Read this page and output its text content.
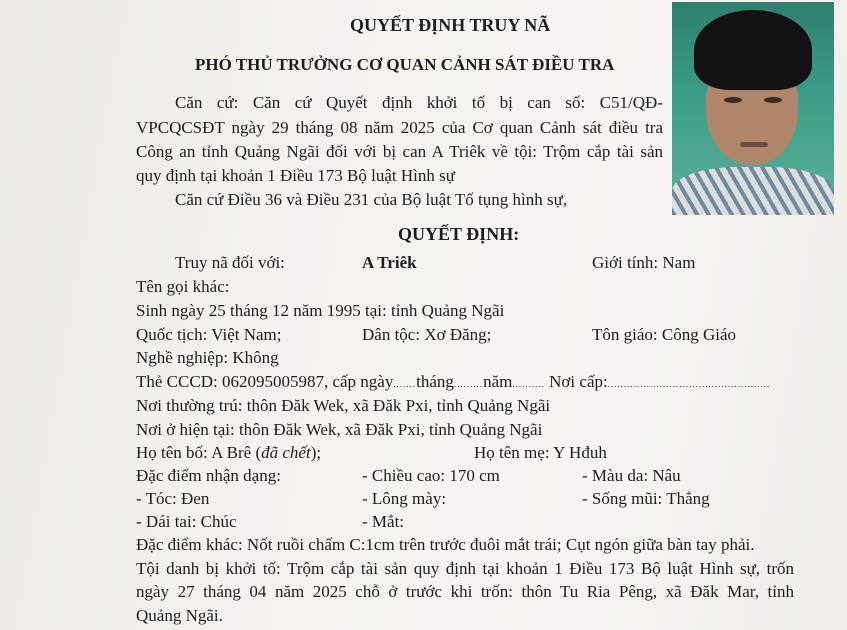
QUYẾT ĐỊNH TRUY NÃ
PHÓ THỦ TRƯỞNG CƠ QUAN CẢNH SÁT ĐIỀU TRA
Căn cứ: Căn cứ Quyết định khởi tố bị can số: C51/QĐ-
VPCQCSĐT ngày 29 tháng 08 năm 2025 của Cơ quan Cảnh sát điều tra
Công an tỉnh Quảng Ngãi đối với bị can A Triêk về tội: Trộm cắp tài sản
quy định tại khoản 1 Điều 173 Bộ luật Hình sự
Căn cứ Điều 36 và Điều 231 của Bộ luật Tố tụng hình sự,
QUYẾT ĐỊNH:
Truy nã đối với:	A Triêk	Giới tính: Nam
Tên gọi khác:
Sinh ngày 25 tháng 12 năm 1995 tại: tỉnh Quảng Ngãi
Quốc tịch: Việt Nam;	Dân tộc: Xơ Đăng;	Tôn giáo: Công Giáo
Nghề nghiệp: Không
Thẻ CCCD: 062095005987, cấp ngày.......tháng.........năm.......... Nơi cấp:..................................................
Nơi thường trú: thôn Đăk Wek, xã Đăk Pxi, tỉnh Quảng Ngãi
Nơi ở hiện tại: thôn Đăk Wek, xã Đăk Pxi, tỉnh Quảng Ngãi
Họ tên bố: A Brê (đã chết);	Họ tên mẹ: Y Hđuh
Đặc điểm nhận dạng:	- Chiều cao: 170 cm	- Màu da: Nâu
- Tóc: Đen	- Lông mày:	- Sống mũi: Thẳng
- Dái tai: Chúc	- Mắt:
Đặc điểm khác: Nốt ruồi chấm C:1cm trên trước đuôi mắt trái; Cụt ngón giữa bàn tay phải.
Tội danh bị khởi tố: Trộm cắp tài sản quy định tại khoản 1 Điều 173 Bộ luật Hình sự, trốn
ngày 27 tháng 04 năm 2025 chỗ ở trước khi trốn: thôn Tu Ria Pêng, xã Đăk Mar, tỉnh
Quảng Ngãi.
